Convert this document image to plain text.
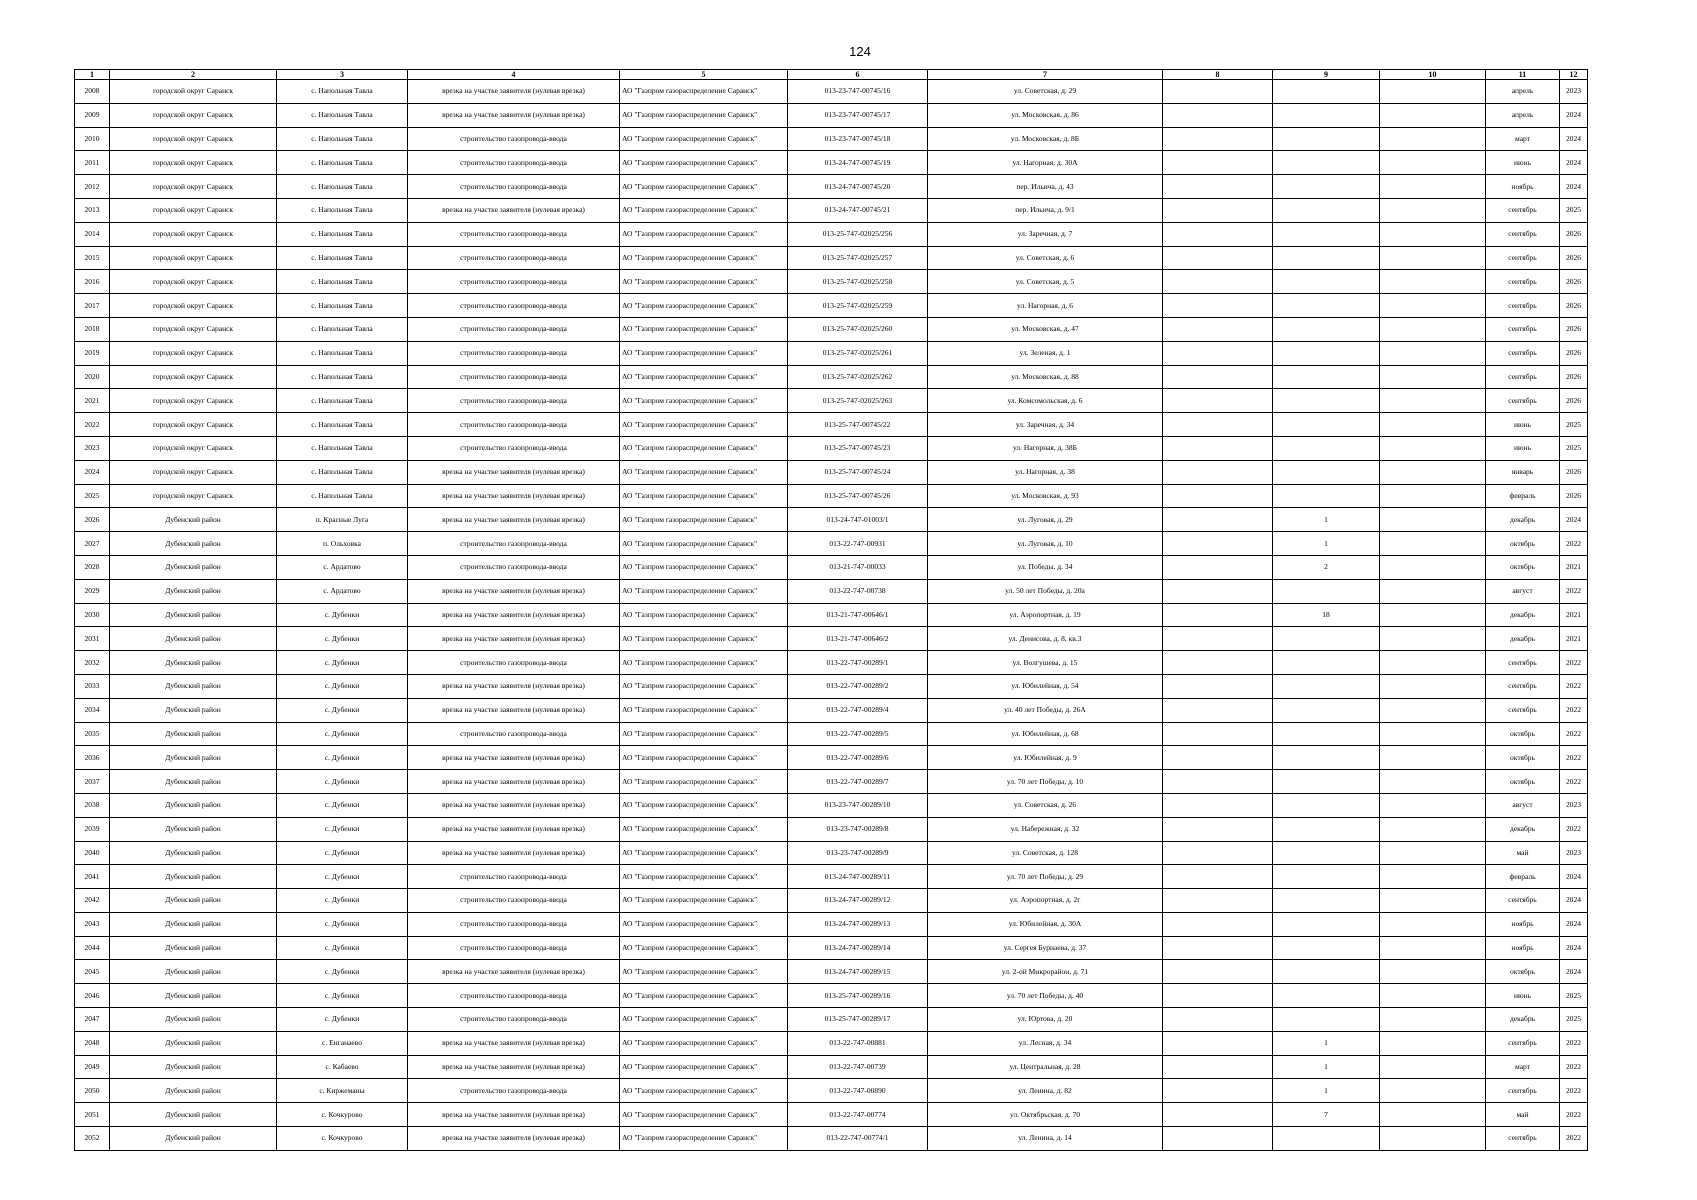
124
1	2	3	4	5	6	7	8	9	10	11	12
2008	городской округ Саранск	с. Напольная Тавла	врезка на участке заявителя (нулевая врезка)	АО "Газпром газораспределение Саранск"	013-23-747-00745/16	ул. Советская, д. 29				апрель	2023
2009	городской округ Саранск	с. Напольная Тавла	врезка на участке заявителя (нулевая врезка)	АО "Газпром газораспределение Саранск"	013-23-747-00745/17	ул. Московская, д. 86				апрель	2024
2010	городской округ Саранск	с. Напольная Тавла	строительство газопровода-ввода	АО "Газпром газораспределение Саранск"	013-23-747-00745/18	ул. Московская, д. 8Б				март	2024
2011	городской округ Саранск	с. Напольная Тавла	строительство газопровода-ввода	АО "Газпром газораспределение Саранск"	013-24-747-00745/19	ул. Нагорная, д. 30А				июнь	2024
2012	городской округ Саранск	с. Напольная Тавла	строительство газопровода-ввода	АО "Газпром газораспределение Саранск"	013-24-747-00745/20	пер. Ильича, д. 43				ноябрь	2024
2013	городской округ Саранск	с. Напольная Тавла	врезка на участке заявителя (нулевая врезка)	АО "Газпром газораспределение Саранск"	013-24-747-00745/21	пер. Ильича, д. 9/1				сентябрь	2025
2014	городской округ Саранск	с. Напольная Тавла	строительство газопровода-ввода	АО "Газпром газораспределение Саранск"	013-25-747-02025/256	ул. Заречная, д. 7				сентябрь	2026
2015	городской округ Саранск	с. Напольная Тавла	строительство газопровода-ввода	АО "Газпром газораспределение Саранск"	013-25-747-02025/257	ул. Советская, д. 6				сентябрь	2026
2016	городской округ Саранск	с. Напольная Тавла	строительство газопровода-ввода	АО "Газпром газораспределение Саранск"	013-25-747-02025/258	ул. Советская, д. 5				сентябрь	2026
2017	городской округ Саранск	с. Напольная Тавла	строительство газопровода-ввода	АО "Газпром газораспределение Саранск"	013-25-747-02025/259	ул. Нагорная, д. 6				сентябрь	2026
2018	городской округ Саранск	с. Напольная Тавла	строительство газопровода-ввода	АО "Газпром газораспределение Саранск"	013-25-747-02025/260	ул. Московская, д. 47				сентябрь	2026
2019	городской округ Саранск	с. Напольная Тавла	строительство газопровода-ввода	АО "Газпром газораспределение Саранск"	013-25-747-02025/261	ул. Зеленая, д. 1				сентябрь	2026
2020	городской округ Саранск	с. Напольная Тавла	строительство газопровода-ввода	АО "Газпром газораспределение Саранск"	013-25-747-02025/262	ул. Московская, д. 88				сентябрь	2026
2021	городской округ Саранск	с. Напольная Тавла	строительство газопровода-ввода	АО "Газпром газораспределение Саранск"	013-25-747-02025/263	ул. Комсомольская, д. 6				сентябрь	2026
2022	городской округ Саранск	с. Напольная Тавла	строительство газопровода-ввода	АО "Газпром газораспределение Саранск"	013-25-747-00745/22	ул. Заречная, д. 34				июнь	2025
2023	городской округ Саранск	с. Напольная Тавла	строительство газопровода-ввода	АО "Газпром газораспределение Саранск"	013-25-747-00745/23	ул. Нагорная, д. 38Б				июнь	2025
2024	городской округ Саранск	с. Напольная Тавла	врезка на участке заявителя (нулевая врезка)	АО "Газпром газораспределение Саранск"	013-25-747-00745/24	ул. Нагорная, д. 38				январь	2026
2025	городской округ Саранск	с. Напольная Тавла	врезка на участке заявителя (нулевая врезка)	АО "Газпром газораспределение Саранск"	013-25-747-00745/26	ул. Московская, д. 93				февраль	2026
2026	Дубенский район	п. Красные Луга	врезка на участке заявителя (нулевая врезка)	АО "Газпром газораспределение Саранск"	013-24-747-01003/1	ул. Луговая, д. 29		1		декабрь	2024
2027	Дубенский район	п. Ольховка	строительство газопровода-ввода	АО "Газпром газораспределение Саранск"	013-22-747-00931	ул. Луговая, д. 10		1		октябрь	2022
2028	Дубенский район	с. Ардатово	строительство газопровода-ввода	АО "Газпром газораспределение Саранск"	013-21-747-00033	ул. Победы, д. 34		2		октябрь	2021
2029	Дубенский район	с. Ардатово	врезка на участке заявителя (нулевая врезка)	АО "Газпром газораспределение Саранск"	013-22-747-00738	ул. 50 лет Победы, д. 20а				август	2022
2030	Дубенский район	с. Дубенки	врезка на участке заявителя (нулевая врезка)	АО "Газпром газораспределение Саранск"	013-21-747-00646/1	ул. Аэропортная, д. 19		18		декабрь	2021
2031	Дубенский район	с. Дубенки	врезка на участке заявителя (нулевая врезка)	АО "Газпром газораспределение Саранск"	013-21-747-00646/2	ул. Денисова, д. 8, кв.3				декабрь	2021
2032	Дубенский район	с. Дубенки	строительство газопровода-ввода	АО "Газпром газораспределение Саранск"	013-22-747-00289/1	ул. Волгушева, д. 15				сентябрь	2022
2033	Дубенский район	с. Дубенки	врезка на участке заявителя (нулевая врезка)	АО "Газпром газораспределение Саранск"	013-22-747-00289/2	ул. Юбилейная, д. 54				сентябрь	2022
2034	Дубенский район	с. Дубенки	врезка на участке заявителя (нулевая врезка)	АО "Газпром газораспределение Саранск"	013-22-747-00289/4	ул. 40 лет Победы, д. 26А				сентябрь	2022
2035	Дубенский район	с. Дубенки	строительство газопровода-ввода	АО "Газпром газораспределение Саранск"	013-22-747-00289/5	ул. Юбилейная, д. 68				октябрь	2022
2036	Дубенский район	с. Дубенки	врезка на участке заявителя (нулевая врезка)	АО "Газпром газораспределение Саранск"	013-22-747-00289/6	ул. Юбилейная, д. 9				октябрь	2022
2037	Дубенский район	с. Дубенки	врезка на участке заявителя (нулевая врезка)	АО "Газпром газораспределение Саранск"	013-22-747-00289/7	ул. 70 лет Победы, д. 10				октябрь	2022
2038	Дубенский район	с. Дубенки	врезка на участке заявителя (нулевая врезка)	АО "Газпром газораспределение Саранск"	013-23-747-00289/10	ул. Советская, д. 26				август	2023
2039	Дубенский район	с. Дубенки	врезка на участке заявителя (нулевая врезка)	АО "Газпром газораспределение Саранск"	013-23-747-00289/8	ул. Набережная, д. 32				декабрь	2022
2040	Дубенский район	с. Дубенки	врезка на участке заявителя (нулевая врезка)	АО "Газпром газораспределение Саранск"	013-23-747-00289/9	ул. Советская, д. 128				май	2023
2041	Дубенский район	с. Дубенки	строительство газопровода-ввода	АО "Газпром газораспределение Саранск"	013-24-747-00289/11	ул. 70 лет Победы, д. 29				февраль	2024
2042	Дубенский район	с. Дубенки	строительство газопровода-ввода	АО "Газпром газораспределение Саранск"	013-24-747-00289/12	ул. Аэропортная, д. 2г				сентябрь	2024
2043	Дубенский район	с. Дубенки	строительство газопровода-ввода	АО "Газпром газораспределение Саранск"	013-24-747-00289/13	ул. Юбилейная, д. 30А				ноябрь	2024
2044	Дубенский район	с. Дубенки	строительство газопровода-ввода	АО "Газпром газораспределение Саранск"	013-24-747-00289/14	ул. Сергея Бурнаева, д. 37				ноябрь	2024
2045	Дубенский район	с. Дубенки	врезка на участке заявителя (нулевая врезка)	АО "Газпром газораспределение Саранск"	013-24-747-00289/15	ул. 2-ой Микрорайон, д. 71				октябрь	2024
2046	Дубенский район	с. Дубенки	строительство газопровода-ввода	АО "Газпром газораспределение Саранск"	013-25-747-00289/16	ул. 70 лет Победы, д. 40				июнь	2025
2047	Дубенский район	с. Дубенки	строительство газопровода-ввода	АО "Газпром газораспределение Саранск"	013-25-747-00289/17	ул. Юртова, д. 20				декабрь	2025
2048	Дубенский район	с. Енганаево	врезка на участке заявителя (нулевая врезка)	АО "Газпром газораспределение Саранск"	013-22-747-00881	ул. Лесная, д. 34		1		сентябрь	2022
2049	Дубенский район	с. Кабаево	врезка на участке заявителя (нулевая врезка)	АО "Газпром газораспределение Саранск"	013-22-747-00739	ул. Центральная, д. 28		1		март	2022
2050	Дубенский район	с. Киржеманы	строительство газопровода-ввода	АО "Газпром газораспределение Саранск"	013-22-747-00890	ул. Ленина, д. 82		1		сентябрь	2022
2051	Дубенский район	с. Кочкурово	врезка на участке заявителя (нулевая врезка)	АО "Газпром газораспределение Саранск"	013-22-747-00774	ул. Октябрьская, д. 70		7		май	2022
2052	Дубенский район	с. Кочкурово	врезка на участке заявителя (нулевая врезка)	АО "Газпром газораспределение Саранск"	013-22-747-00774/1	ул. Ленина, д. 14				сентябрь	2022
